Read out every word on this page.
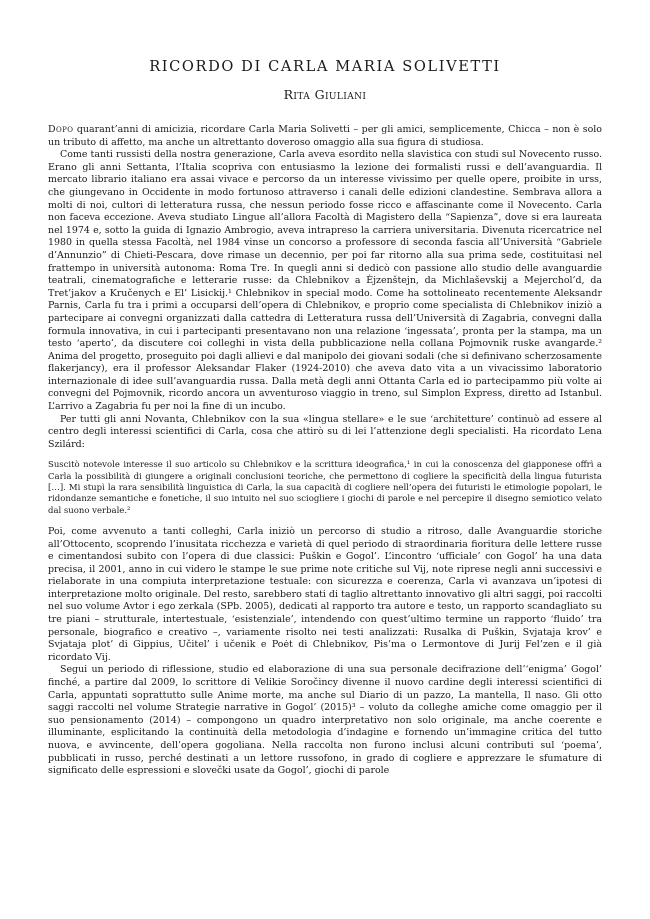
RICORDO DI CARLA MARIA SOLIVETTI
Rita Giuliani

Dopo quarant’anni di amicizia, ricordare Carla Maria Solivetti – per gli amici, semplicemente, Chicca – non è solo un tributo di affetto, ma anche un altrettanto doveroso omaggio alla sua figura di studiosa.

Come tanti russisti della nostra generazione, Carla aveva esordito nella slavistica con studi sul Novecento russo. Erano gli anni Settanta, l’Italia scopriva con entusiasmo la lezione dei formalisti russi e dell’avanguardia. Il mercato librario italiano era assai vivace e percorso da un interesse vivissimo per quelle opere, proibite in urss, che giungevano in Occidente in modo fortunoso attraverso i canali delle edizioni clandestine. Sembrava allora a molti di noi, cultori di letteratura russa, che nessun periodo fosse ricco e affascinante come il Novecento. Carla non faceva eccezione. Aveva studiato Lingue all’allora Facoltà di Magistero della “Sapienza”, dove si era laureata nel 1974 e, sotto la guida di Ignazio Ambrogio, aveva intrapreso la carriera universitaria. Divenuta ricercatrice nel 1980 in quella stessa Facoltà, nel 1984 vinse un concorso a professore di seconda fascia all’Università “Gabriele d’Annunzio” di Chieti-Pescara, dove rimase un decennio, per poi far ritorno alla sua prima sede, costituitasi nel frattempo in università autonoma: Roma Tre. In quegli anni si dedicò con passione allo studio delle avanguardie teatrali, cinematografiche e letterarie russe: da Chlebnikov a Ėjzenštejn, da Michlaševskij a Mejerchol’d, da Tret’jakov a Kručenych e El’ Lisickij.¹ Chlebnikov in special modo. Come ha sottolineato recentemente Aleksandr Parnis, Carla fu tra i primi a occuparsi dell’opera di Chlebnikov, e proprio come specialista di Chlebnikov iniziò a partecipare ai convegni organizzati dalla cattedra di Letteratura russa dell’Università di Zagabria, convegni dalla formula innovativa, in cui i partecipanti presentavano non una relazione ‘ingessata’, pronta per la stampa, ma un testo ‘aperto’, da discutere coi colleghi in vista della pubblicazione nella collana Pojmovnik ruske avangarde.² Anima del progetto, proseguito poi dagli allievi e dal manipolo dei giovani sodali (che si definivano scherzosamente flakerjancy), era il professor Aleksandar Flaker (1924-2010) che aveva dato vita a un vivacissimo laboratorio internazionale di idee sull’avanguardia russa. Dalla metà degli anni Ottanta Carla ed io partecipammo più volte ai convegni del Pojmovnik, ricordo ancora un avventuroso viaggio in treno, sul Simplon Express, diretto ad Istanbul. L’arrivo a Zagabria fu per noi la fine di un incubo.

Per tutti gli anni Novanta, Chlebnikov con la sua «lingua stellare» e le sue ‘architetture’ continuò ad essere al centro degli interessi scientifici di Carla, cosa che attirò su di lei l’attenzione degli specialisti. Ha ricordato Lena Szilárd:

Suscitò notevole interesse il suo articolo su Chlebnikov e la scrittura ideografica,¹ in cui la conoscenza del giapponese offrì a Carla la possibilità di giungere a originali conclusioni teoriche, che permettono di cogliere la specificità della lingua futurista […]. Mi stupì la rara sensibilità linguistica di Carla, la sua capacità di cogliere nell’opera dei futuristi le etimologie popolari, le ridondanze semantiche e fonetiche, il suo intuito nel suo sciogliere i giochi di parole e nel percepire il disegno semiotico velato dal suono verbale.²

Poi, come avvenuto a tanti colleghi, Carla iniziò un percorso di studio a ritroso, dalle Avanguardie storiche all’Ottocento, scoprendo l’inusitata ricchezza e varietà di quel periodo di straordinaria fioritura delle lettere russe e cimentandosi subito con l’opera di due classici: Puškin e Gogol’. L’incontro ‘ufficiale’ con Gogol’ ha una data precisa, il 2001, anno in cui videro le stampe le sue prime note critiche sul Vij, note riprese negli anni successivi e rielaborate in una compiuta interpretazione testuale: con sicurezza e coerenza, Carla vi avanzava un’ipotesi di interpretazione molto originale. Del resto, sarebbero stati di taglio altrettanto innovativo gli altri saggi, poi raccolti nel suo volume Avtor i ego zerkala (SPb. 2005), dedicati al rapporto tra autore e testo, un rapporto scandagliato su tre piani – strutturale, intertestuale, ‘esistenziale’, intendendo con quest’ultimo termine un rapporto ‘fluido’ tra personale, biografico e creativo –, variamente risolto nei testi analizzati: Rusalka di Puškin, Svjataja krov’ e Svjataja plot’ di Gippius, Učitel’ i učenik e Poėt di Chlebnikov, Pis’ma o Lermontove di Jurij Fel’zen e il già ricordato Vij.

Segui un periodo di riflessione, studio ed elaborazione di una sua personale decifrazione dell’‘enigma’ Gogol’ finché, a partire dal 2009, lo scrittore di Velikie Soročincy divenne il nuovo cardine degli interessi scientifici di Carla, appuntati soprattutto sulle Anime morte, ma anche sul Diario di un pazzo, La mantella, Il naso. Gli otto saggi raccolti nel volume Strategie narrative in Gogol’ (2015)³ – voluto da colleghe amiche come omaggio per il suo pensionamento (2014) – compongono un quadro interpretativo non solo originale, ma anche coerente e illuminante, esplicitando la continuità della metodologia d’indagine e fornendo un’immagine critica del tutto nuova, e avvincente, dell’opera gogoliana. Nella raccolta non furono inclusi alcuni contributi sul ‘poema’, pubblicati in russo, perché destinati a un lettore russofono, in grado di cogliere e apprezzare le sfumature di significato delle espressioni e slovečki usate da Gogol’, giochi di parole
